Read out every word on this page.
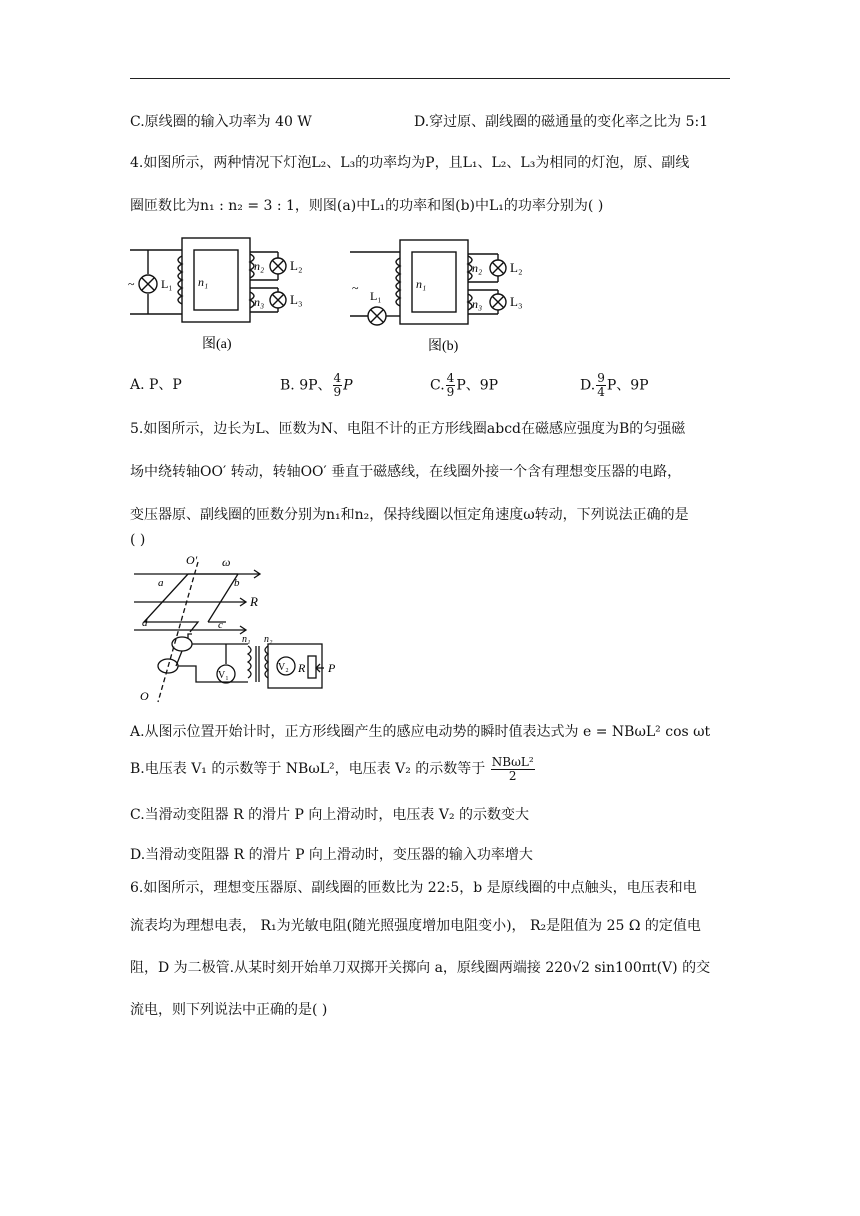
C.原线圈的输入功率为 40 W	D.穿过原、副线圈的磁通量的变化率之比为 5:1
4.如图所示，两种情况下灯泡L₂、L₃的功率均为P，且L₁、L₂、L₃为相同的灯泡，原、副线
圈匝数比为n₁ : n₂ = 3 : 1，则图(a)中L₁的功率和图(b)中L₁的功率分别为( )
~ L₁ n₁
n₂
n₃
L₂
L₃
图(a)
~
L₁
n₁
n₂
n₃
L₂
L₃
图(b)
A. P、P	B. 9P、 $\frac{4}{9}$ P	C. $\frac{4}{9}$ P、9P	D. $\frac{9}{4}$ P、9P
5.如图所示，边长为L、匝数为N、电阻不计的正方形线圈abcd在磁感应强度为B的匀强磁
场中绕转轴OO′ 转动，转轴OO′ 垂直于磁感线，在线圈外接一个含有理想变压器的电路，
变压器原、副线圈的匝数分别为n₁和n₂，保持线圈以恒定角速度ω转动，下列说法正确的是
( )
O′ ω
a	b
d	c
R
O
n₁ n₂
V₁
V₂ R P
A.从图示位置开始计时，正方形线圈产生的感应电动势的瞬时值表达式为 e = NBωL² cos ωt
B.电压表 V₁ 的示数等于 NBωL²，电压表 V₂ 的示数等于 $\frac{\text{NBωL²}}{2}$
C.当滑动变阻器 R 的滑片 P 向上滑动时，电压表 V₂ 的示数变大
D.当滑动变阻器 R 的滑片 P 向上滑动时，变压器的输入功率增大
6.如图所示，理想变压器原、副线圈的匝数比为 22:5，b 是原线圈的中点触头，电压表和电
流表均为理想电表， R₁为光敏电阻(随光照强度增加电阻变小)， R₂是阻值为 25 Ω 的定值电
阻，D 为二极管.从某时刻开始单刀双掷开关掷向 a，原线圈两端接 220√2 sin100πt(V) 的交
流电，则下列说法中正确的是( )
